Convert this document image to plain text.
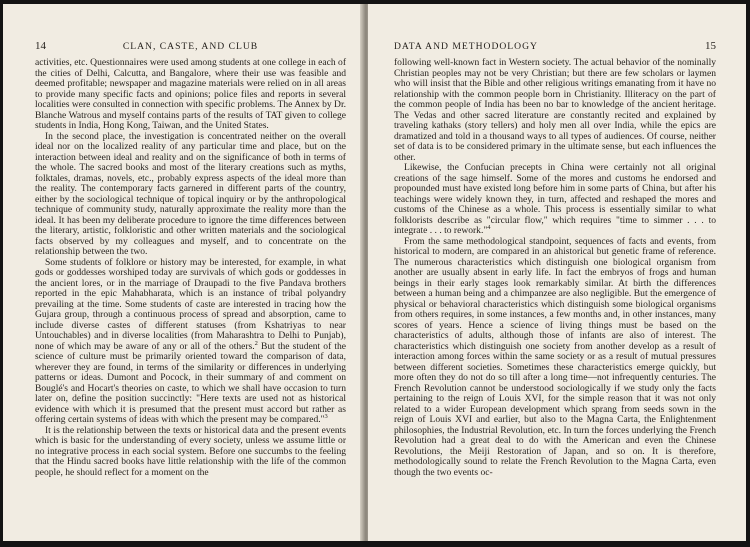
14	CLAN, CASTE, AND CLUB

activities, etc. Questionnaires were used among students at one college in each of the cities of Delhi, Calcutta, and Bangalore, where their use was feasible and deemed profitable; newspaper and magazine materials were relied on in all areas to provide many specific facts and opinions; police files and reports in several localities were consulted in connection with specific problems. The Annex by Dr. Blanche Watrous and myself contains parts of the results of TAT given to college students in India, Hong Kong, Taiwan, and the United States.

In the second place, the investigation is concentrated neither on the overall ideal nor on the localized reality of any particular time and place, but on the interaction between ideal and reality and on the significance of both in terms of the whole. The sacred books and most of the literary creations such as myths, folktales, dramas, novels, etc., probably express aspects of the ideal more than the reality. The contemporary facts garnered in different parts of the country, either by the sociological technique of topical inquiry or by the anthropological technique of community study, naturally approximate the reality more than the ideal. It has been my deliberate procedure to ignore the time differences between the literary, artistic, folkloristic and other written materials and the sociological facts observed by my colleagues and myself, and to concentrate on the relationship between the two.

Some students of folklore or history may be interested, for example, in what gods or goddesses worshiped today are survivals of which gods or goddesses in the ancient lores, or in the marriage of Draupadi to the five Pandava brothers reported in the epic Mahabharata, which is an instance of tribal polyandry prevailing at the time. Some students of caste are interested in tracing how the Gujara group, through a continuous process of spread and absorption, came to include diverse castes of different statuses (from Kshatriyas to near Untouchables) and in diverse localities (from Maharashtra to Delhi to Punjab), none of which may be aware of any or all of the others.$^2$ But the student of the science of culture must be primarily oriented toward the comparison of data, wherever they are found, in terms of the similarity or differences in underlying patterns or ideas. Dumont and Pocock, in their summary of and comment on Bouglé's and Hocart's theories on caste, to which we shall have occasion to turn later on, define the position succinctly: "Here texts are used not as historical evidence with which it is presumed that the present must accord but rather as offering certain systems of ideas with which the present may be compared."$^3$

It is the relationship between the texts or historical data and the present events which is basic for the understanding of every society, unless we assume little or no integrative process in each social system. Before one succumbs to the feeling that the Hindu sacred books have little relationship with the life of the common people, he should reflect for a moment on the

DATA AND METHODOLOGY	15

following well-known fact in Western society. The actual behavior of the nominally Christian peoples may not be very Christian; but there are few scholars or laymen who will insist that the Bible and other religious writings emanating from it have no relationship with the common people born in Christianity. Illiteracy on the part of the common people of India has been no bar to knowledge of the ancient heritage. The Vedas and other sacred literature are constantly recited and explained by traveling kathaks (story tellers) and holy men all over India, while the epics are dramatized and told in a thousand ways to all types of audiences. Of course, neither set of data is to be considered primary in the ultimate sense, but each influences the other.

Likewise, the Confucian precepts in China were certainly not all original creations of the sage himself. Some of the mores and customs he endorsed and propounded must have existed long before him in some parts of China, but after his teachings were widely known they, in turn, affected and reshaped the mores and customs of the Chinese as a whole. This process is essentially similar to what folklorists describe as "circular flow," which requires "time to simmer . . . to integrate . . . to rework."$^4$

From the same methodological standpoint, sequences of facts and events, from historical to modern, are compared in an ahistorical but genetic frame of reference. The numerous characteristics which distinguish one biological organism from another are usually absent in early life. In fact the embryos of frogs and human beings in their early stages look remarkably similar. At birth the differences between a human being and a chimpanzee are also negligible. But the emergence of physical or behavioral characteristics which distinguish some biological organisms from others requires, in some instances, a few months and, in other instances, many scores of years. Hence a science of living things must be based on the characteristics of adults, although those of infants are also of interest. The characteristics which distinguish one society from another develop as a result of interaction among forces within the same society or as a result of mutual pressures between different societies. Sometimes these characteristics emerge quickly, but more often they do not do so till after a long time—not infrequently centuries. The French Revolution cannot be understood sociologically if we study only the facts pertaining to the reign of Louis XVI, for the simple reason that it was not only related to a wider European development which sprang from seeds sown in the reign of Louis XVI and earlier, but also to the Magna Carta, the Enlightenment philosophies, the Industrial Revolution, etc. In turn the forces underlying the French Revolution had a great deal to do with the American and even the Chinese Revolutions, the Meiji Restoration of Japan, and so on. It is therefore, methodologically sound to relate the French Revolution to the Magna Carta, even though the two events oc-
